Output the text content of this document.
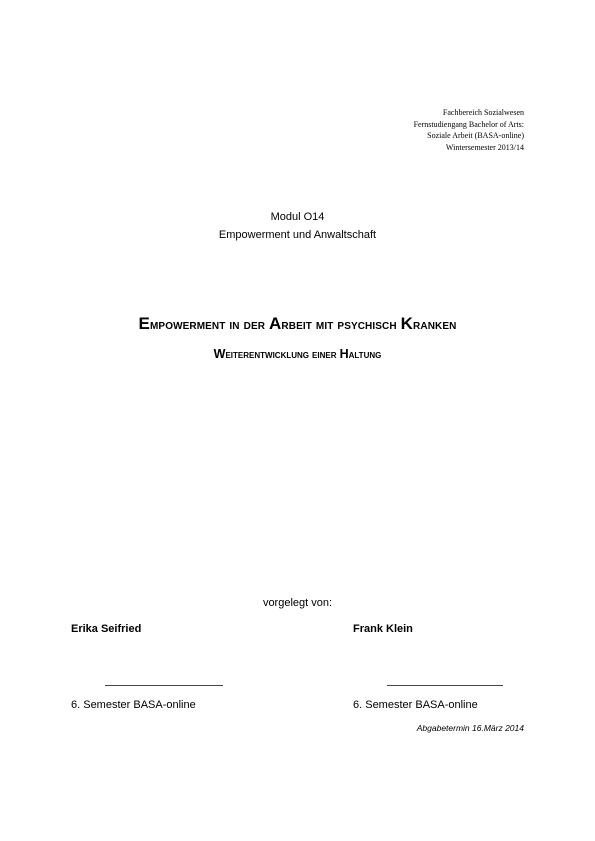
Fachbereich Sozialwesen
Fernstudiengang Bachelor of Arts:
Soziale Arbeit (BASA-online)
Wintersemester 2013/14
Modul O14
Empowerment und Anwaltschaft
Empowerment in der Arbeit mit psychisch Kranken
Weiterentwicklung einer Haltung
vorgelegt von:
Erika Seifried	Frank Klein
6. Semester BASA-online	6. Semester BASA-online
Abgabetermin 16.März 2014
